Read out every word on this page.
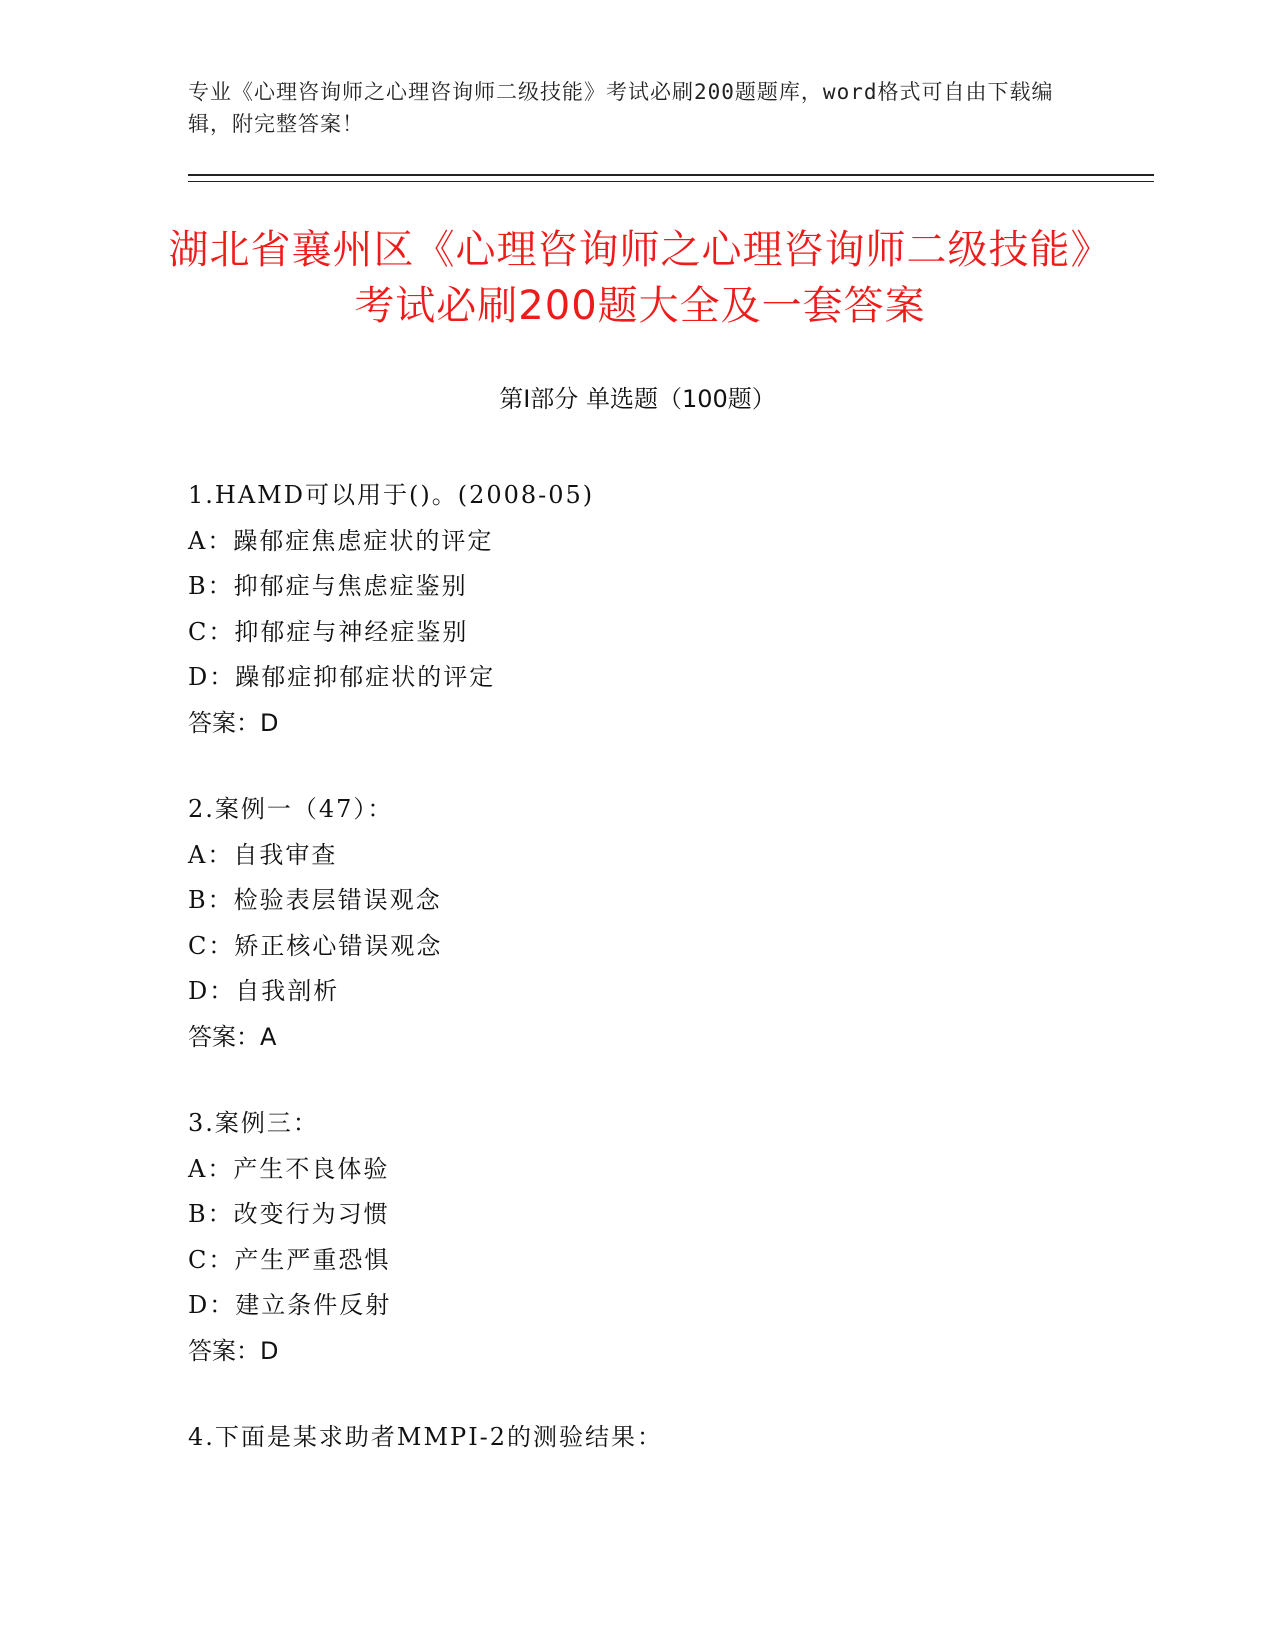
专业《心理咨询师之心理咨询师二级技能》考试必刷200题题库，word格式可自由下载编辑，附完整答案！
湖北省襄州区《心理咨询师之心理咨询师二级技能》考试必刷200题大全及一套答案
第Ⅰ部分 单选题（100题）
1.HAMD可以用于()。(2008-05)
A：躁郁症焦虑症状的评定
B：抑郁症与焦虑症鉴别
C：抑郁症与神经症鉴别
D：躁郁症抑郁症状的评定
答案：D
2.案例一（47）：
A：自我审查
B：检验表层错误观念
C：矫正核心错误观念
D：自我剖析
答案：A
3.案例三：
A：产生不良体验
B：改变行为习惯
C：产生严重恐惧
D：建立条件反射
答案：D
4.下面是某求助者MMPI-2的测验结果：
